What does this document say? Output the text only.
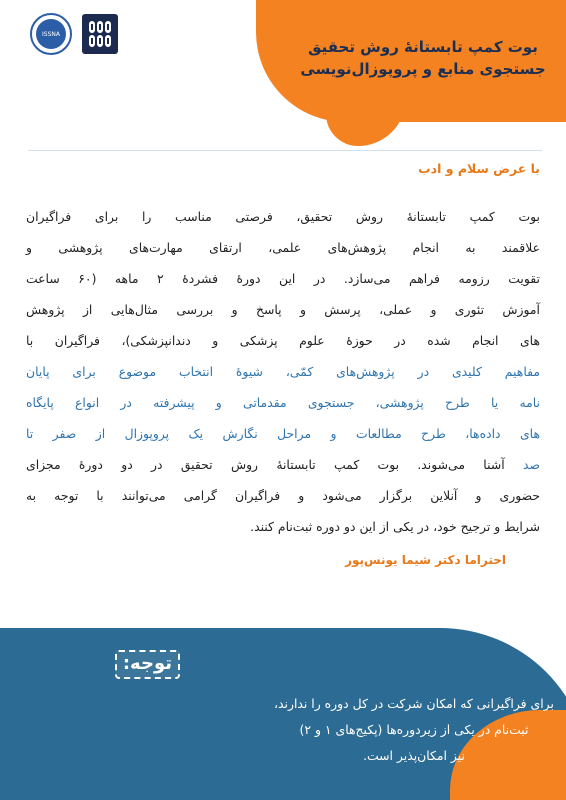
بوت کمپ تابستانهٔ روش تحقیق
جستجوی منابع و پروپوزال‌نویسی
ISSNA
با عرض سلام و ادب
بوت کمپ تابستانهٔ روش تحقیق، فرصتی مناسب را برای فراگیران
علاقمند به انجام پژوهش‌های علمی، ارتقای مهارت‌های پژوهشی و
تقویت رزومه فراهم می‌سازد. در این دورهٔ فشردهٔ ۲ ماهه (۶۰ ساعت
آموزش تئوری و عملی، پرسش و پاسخ و بررسی مثال‌هایی از پژوهش
های انجام شده در حوزهٔ علوم پزشکی و دندانپزشکی)، فراگیران با
مفاهیم کلیدی در پژوهش‌های کمّی، شیوهٔ انتخاب موضوع برای پایان
نامه یا طرح پژوهشی، جستجوی مقدماتی و پیشرفته در انواع پایگاه
های داده‌ها، طرح مطالعات و مراحل نگارش یک پروپوزال از صفر تا
صد آشنا می‌شوند. بوت کمپ تابستانهٔ روش تحقیق در دو دورهٔ مجزای
حضوری و آنلاین برگزار می‌شود و فراگیران گرامی می‌توانند با توجه به
شرایط و ترجیح خود، در یکی از این دو دوره ثبت‌نام کنند.
احتراما دکتر شیما یونس‌پور
توجه:
برای فراگیرانی که امکان شرکت در کل دوره را ندارند،
ثبت‌نام در یکی از زیردوره‌ها (پکیج‌های ۱ و ۲)
نیز امکان‌پذیر است.
